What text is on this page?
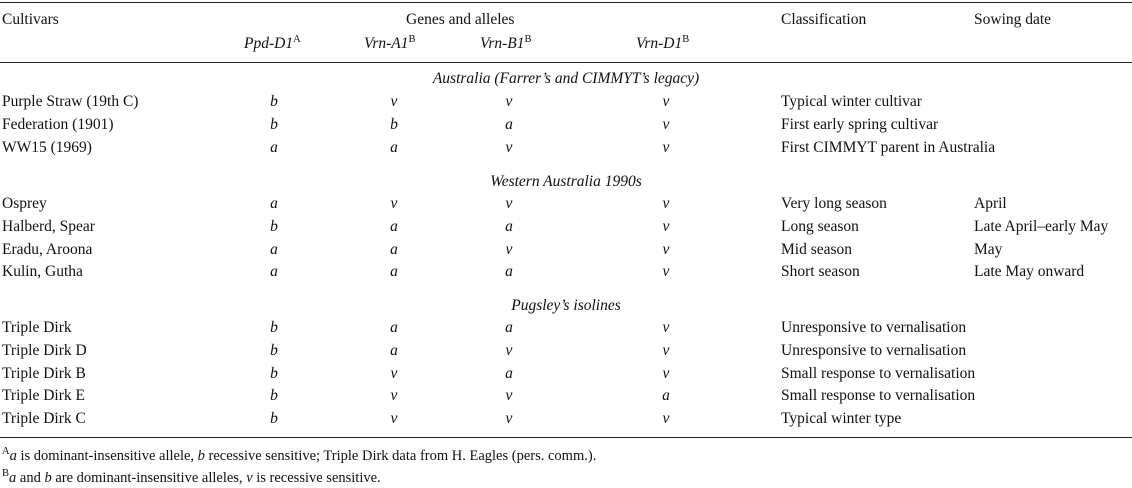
Cultivars	Genes and alleles	Classification	Sowing date
Ppd-$D1^A$	Vrn-$A1^B$	Vrn-$B1^B$	Vrn-$D1^B$
Australia (Farrer’s and CIMMYT’s legacy)
Purple Straw (19th C)	b	v	v	v	Typical winter cultivar
Federation (1901)	b	b	a	v	First early spring cultivar
WW15 (1969)	a	a	v	v	First CIMMYT parent in Australia
Western Australia 1990s
Osprey	a	v	v	v	Very long season	April
Halberd, Spear	b	a	a	v	Long season	Late April–early May
Eradu, Aroona	a	a	v	v	Mid season	May
Kulin, Gutha	a	a	a	v	Short season	Late May onward
Pugsley’s isolines
Triple Dirk	b	a	a	v	Unresponsive to vernalisation
Triple Dirk D	b	a	v	v	Unresponsive to vernalisation
Triple Dirk B	b	v	a	v	Small response to vernalisation
Triple Dirk E	b	v	v	a	Small response to vernalisation
Triple Dirk C	b	v	v	v	Typical winter type
$^A$a is dominant-insensitive allele, b recessive sensitive; Triple Dirk data from H. Eagles (pers. comm.).
$^B$a and b are dominant-insensitive alleles, v is recessive sensitive.
